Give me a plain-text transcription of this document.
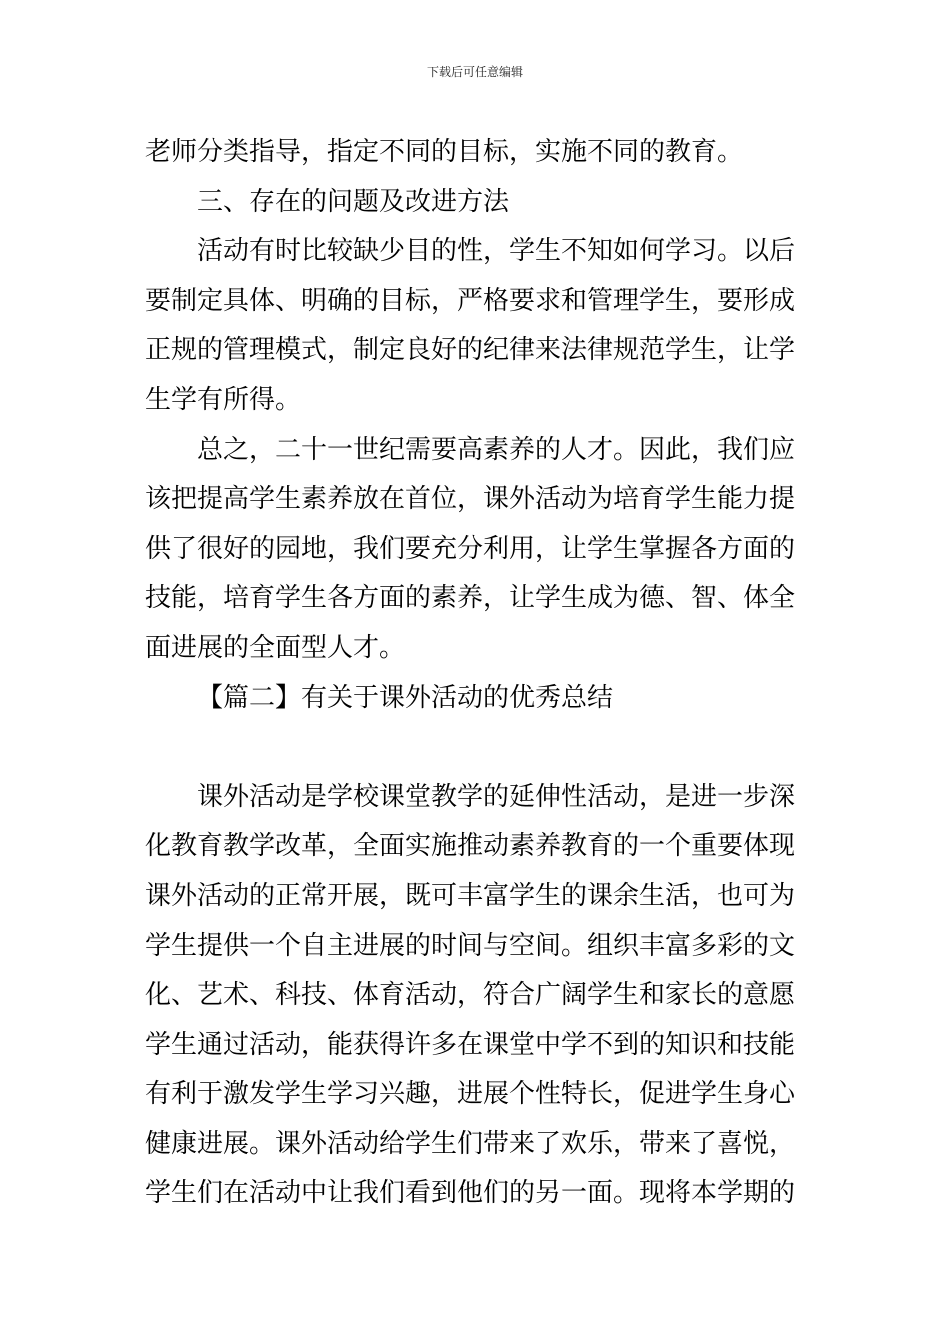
下载后可任意编辑
老师分类指导，指定不同的目标，实施不同的教育。
三、存在的问题及改进方法
活动有时比较缺少目的性，学生不知如何学习。以后
要制定具体、明确的目标，严格要求和管理学生，要形成
正规的管理模式，制定良好的纪律来法律规范学生，让学
生学有所得。
总之，二十一世纪需要高素养的人才。因此，我们应
该把提高学生素养放在首位，课外活动为培育学生能力提
供了很好的园地，我们要充分利用，让学生掌握各方面的
技能，培育学生各方面的素养，让学生成为德、智、体全
面进展的全面型人才。
【篇二】有关于课外活动的优秀总结
课外活动是学校课堂教学的延伸性活动，是进一步深
化教育教学改革，全面实施推动素养教育的一个重要体现
课外活动的正常开展，既可丰富学生的课余生活，也可为
学生提供一个自主进展的时间与空间。组织丰富多彩的文
化、艺术、科技、体育活动，符合广阔学生和家长的意愿
学生通过活动，能获得许多在课堂中学不到的知识和技能
有利于激发学生学习兴趣，进展个性特长，促进学生身心
健康进展。课外活动给学生们带来了欢乐，带来了喜悦，
学生们在活动中让我们看到他们的另一面。现将本学期的
